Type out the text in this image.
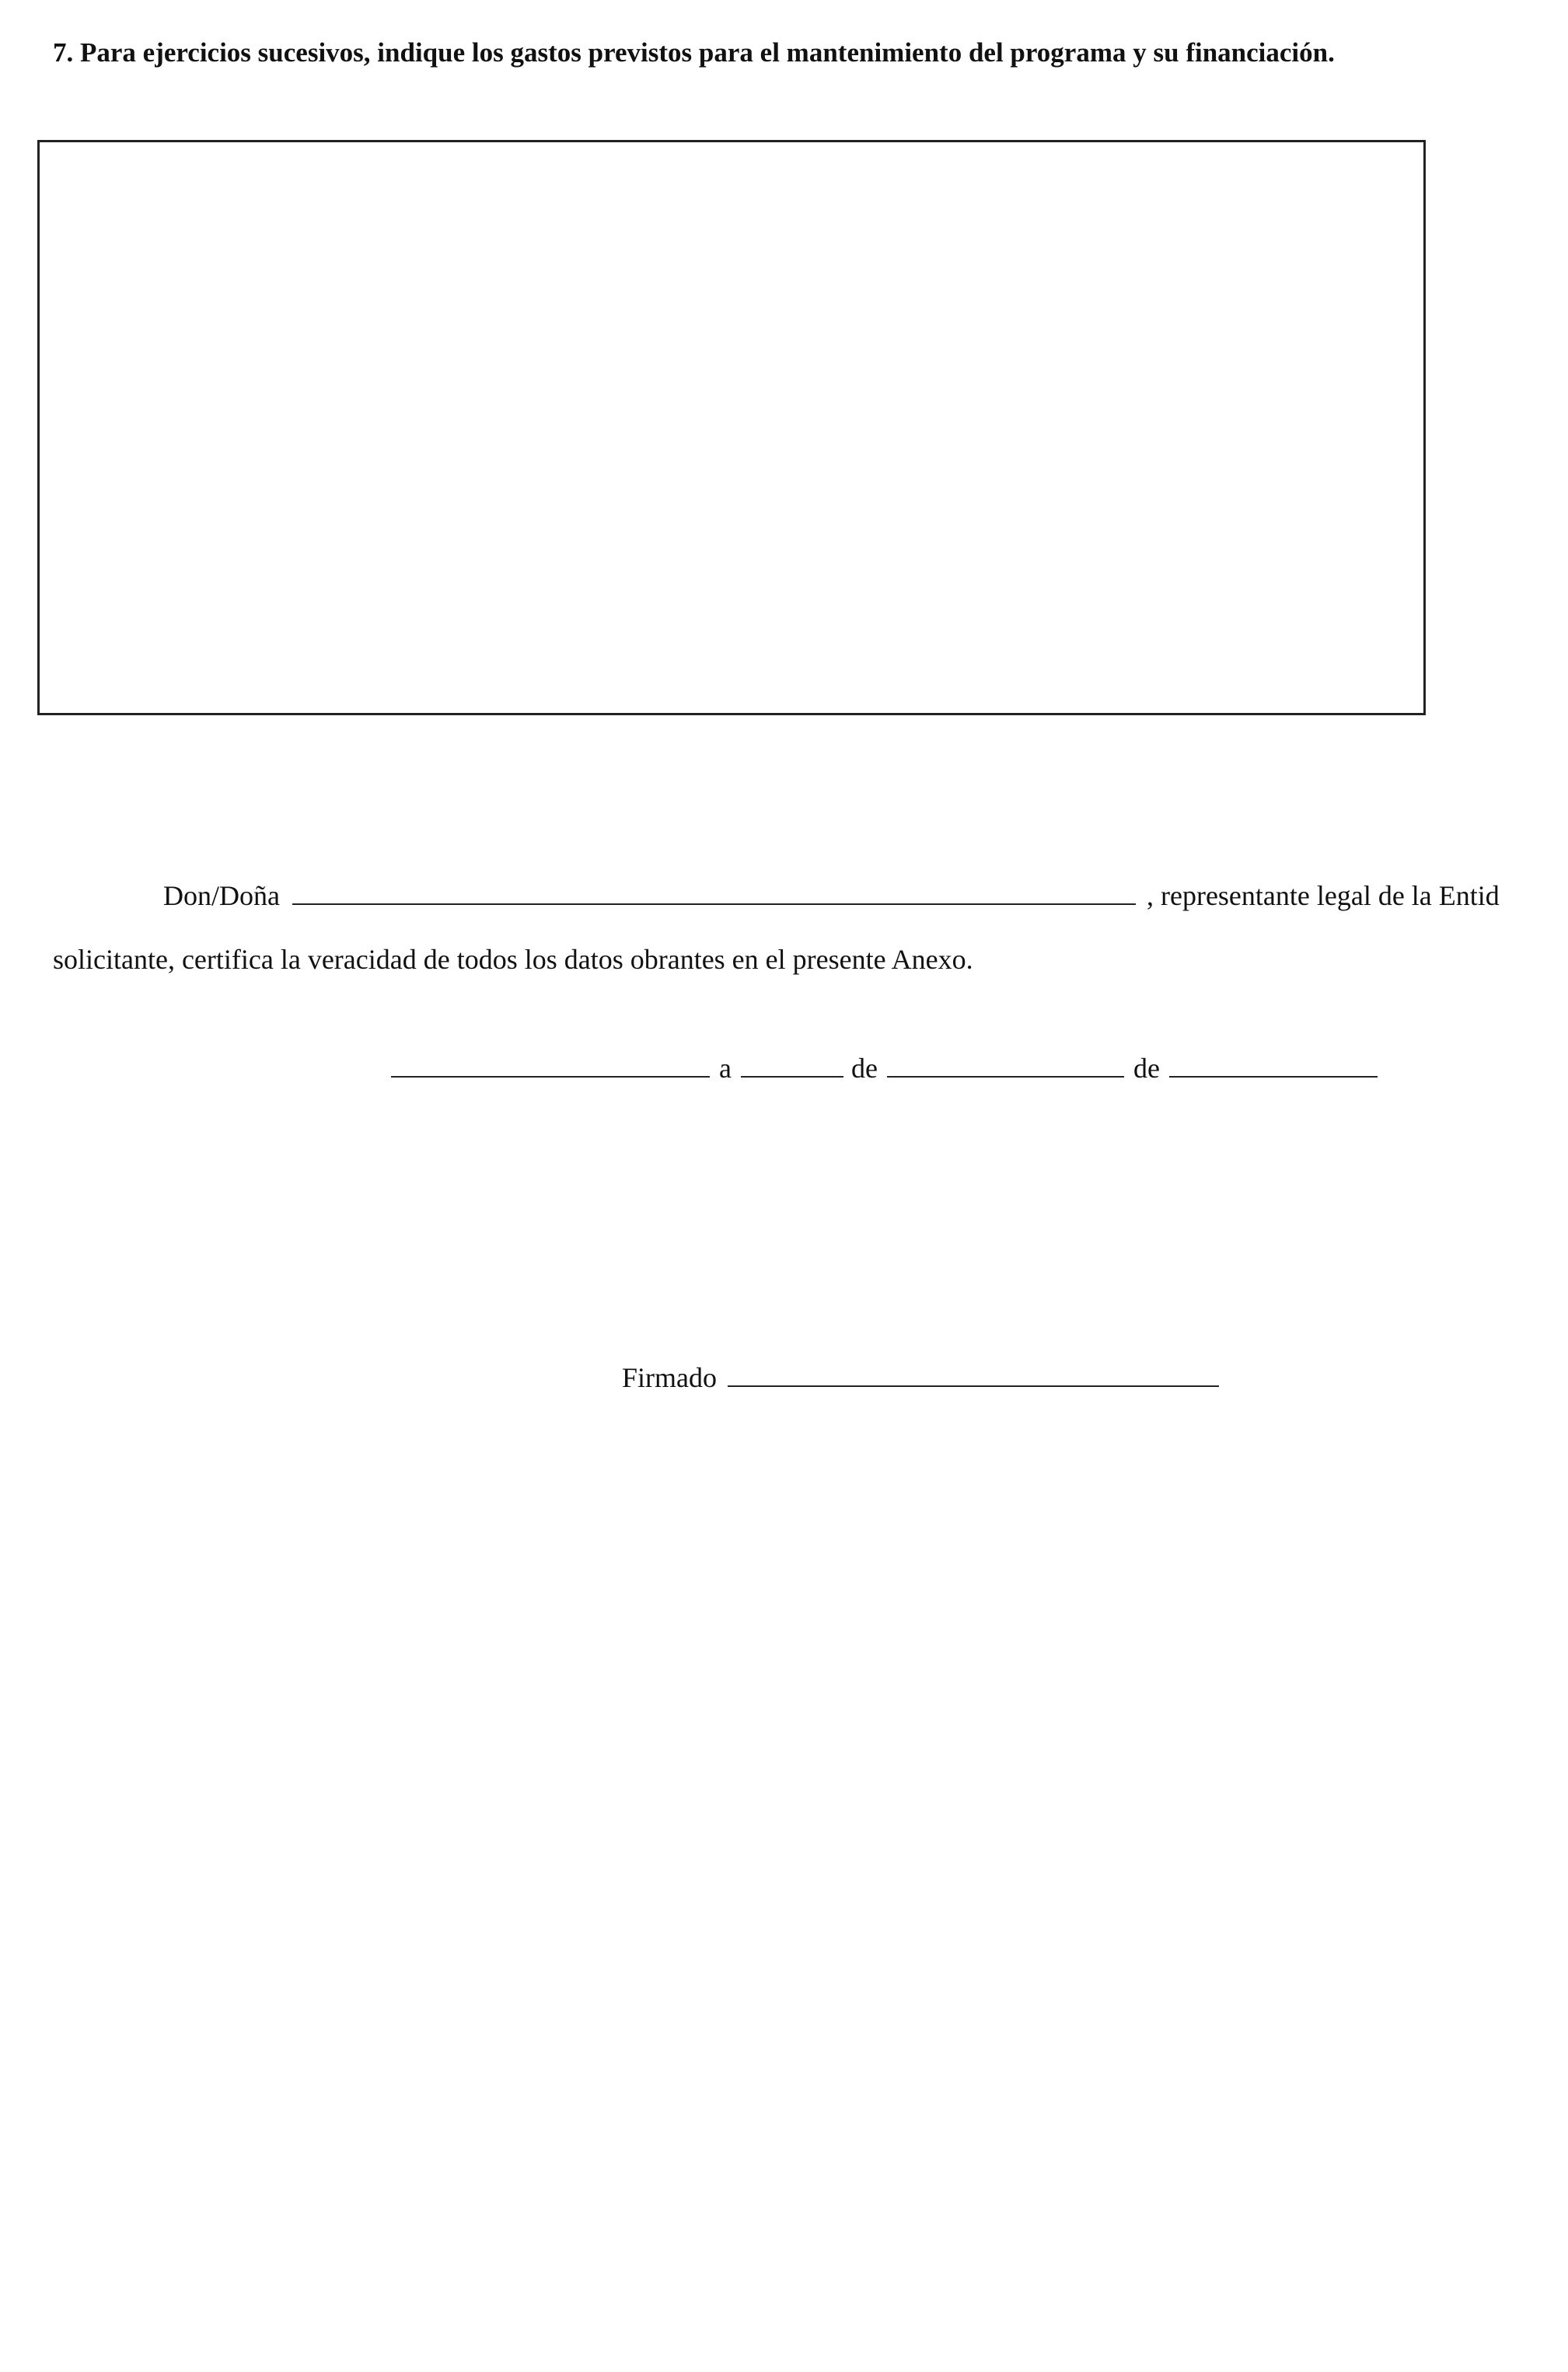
7. Para ejercicios sucesivos, indique los gastos previstos para el mantenimiento del programa y su financiación.

Don/Doña	, representante legal de la Entid

solicitante, certifica la veracidad de todos los datos obrantes en el presente Anexo.

a	de	de

Firmado
